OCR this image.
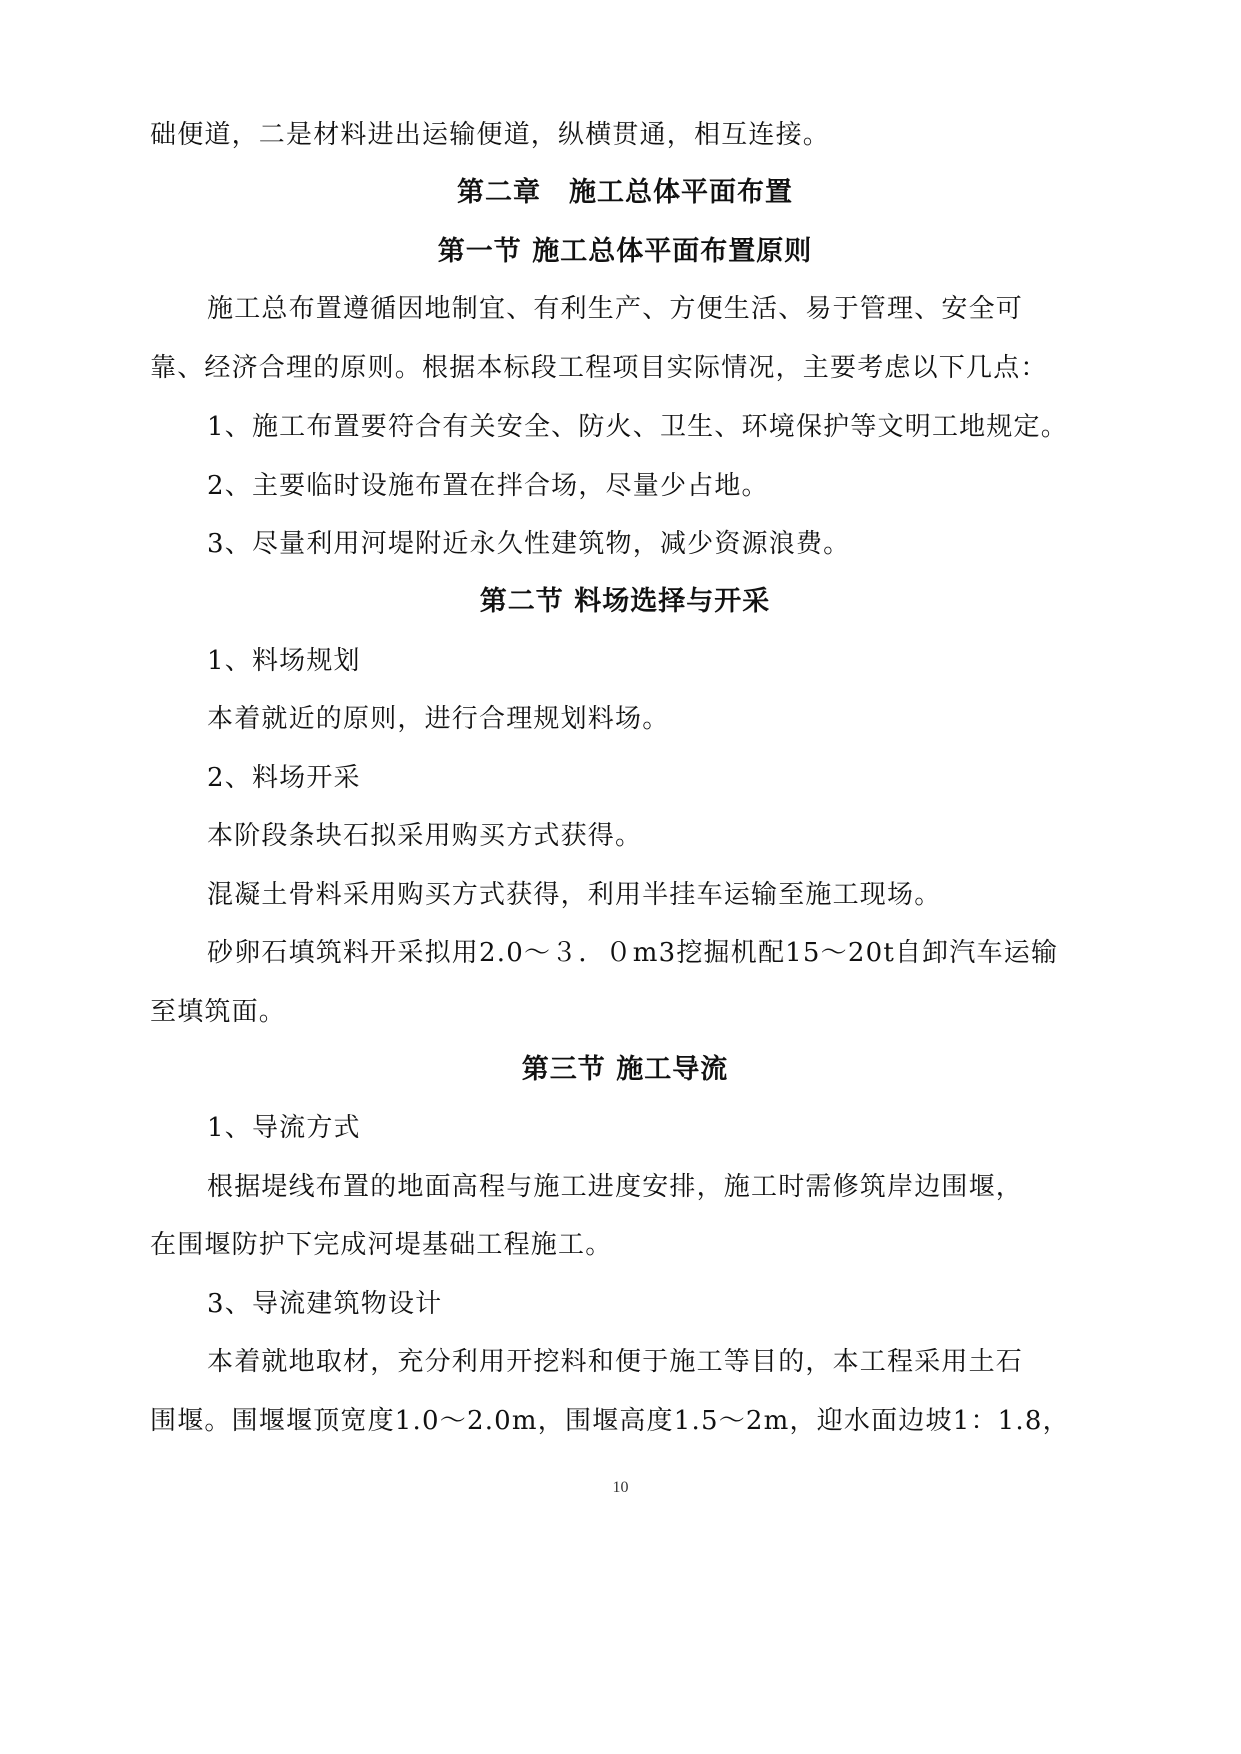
础便道，二是材料进出运输便道，纵横贯通，相互连接。
第二章　施工总体平面布置
第一节 施工总体平面布置原则
施工总布置遵循因地制宜、有利生产、方便生活、易于管理、安全可
靠、经济合理的原则。根据本标段工程项目实际情况，主要考虑以下几点：
1、施工布置要符合有关安全、防火、卫生、环境保护等文明工地规定。
2、主要临时设施布置在拌合场，尽量少占地。
3、尽量利用河堤附近永久性建筑物，减少资源浪费。
第二节 料场选择与开采
1、料场规划
本着就近的原则，进行合理规划料场。
2、料场开采
本阶段条块石拟采用购买方式获得。
混凝土骨料采用购买方式获得，利用半挂车运输至施工现场。
砂卵石填筑料开采拟用2.0～３．０m3挖掘机配15～20t自卸汽车运输
至填筑面。
第三节 施工导流
1、导流方式
根据堤线布置的地面高程与施工进度安排，施工时需修筑岸边围堰，
在围堰防护下完成河堤基础工程施工。
3、导流建筑物设计
本着就地取材，充分利用开挖料和便于施工等目的，本工程采用土石
围堰。围堰堰顶宽度1.0～2.0m，围堰高度1.5～2m，迎水面边坡1：1.8，
10
